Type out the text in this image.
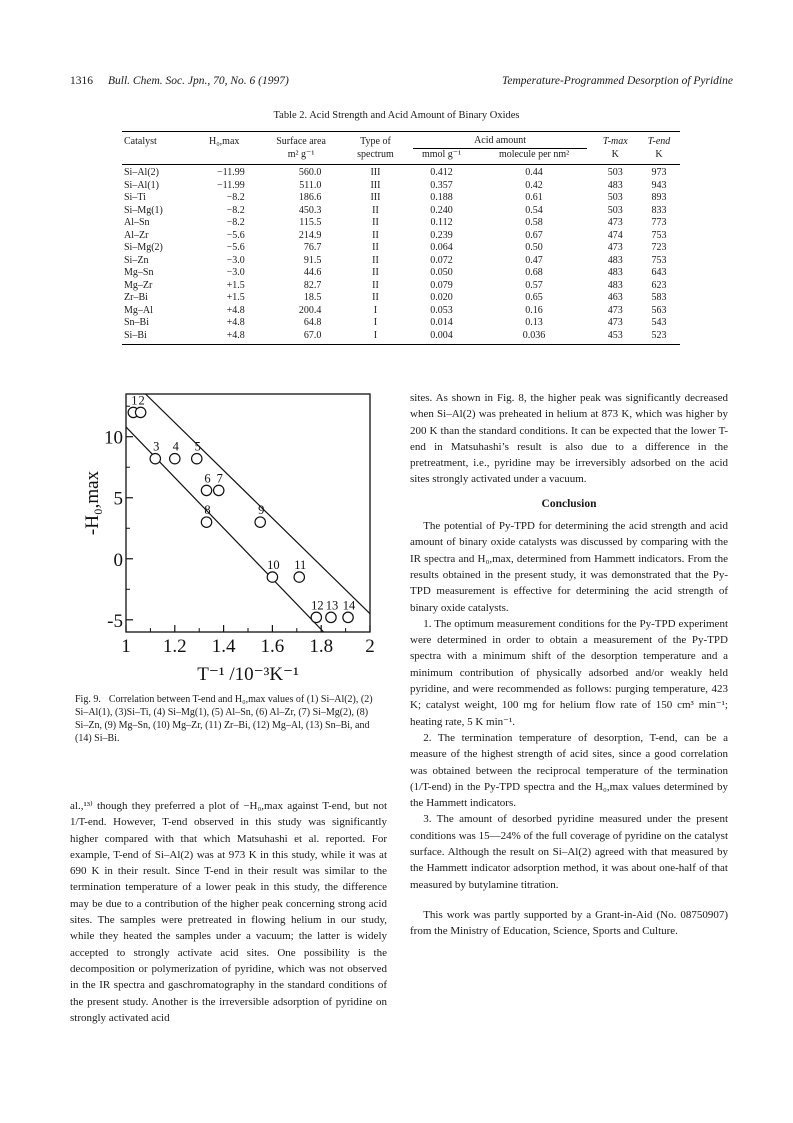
1316 Bull. Chem. Soc. Jpn., 70, No. 6 (1997)	Temperature-Programmed Desorption of Pyridine
Table 2. Acid Strength and Acid Amount of Binary Oxides
Catalyst	H₀,max	Surface area	Type of	Acid amount		T-max	T-end
		m² g⁻¹	spectrum	mmol g⁻¹	molecule per nm²	K	K
Si–Al(2)	−11.99	560.0	III	0.412	0.44	503	973
Si–Al(1)	−11.99	511.0	III	0.357	0.42	483	943
Si–Ti	−8.2	186.6	III	0.188	0.61	503	893
Si–Mg(1)	−8.2	450.3	II	0.240	0.54	503	833
Al–Sn	−8.2	115.5	II	0.112	0.58	473	773
Al–Zr	−5.6	214.9	II	0.239	0.67	474	753
Si–Mg(2)	−5.6	76.7	II	0.064	0.50	473	723
Si–Zn	−3.0	91.5	II	0.072	0.47	483	753
Mg–Sn	−3.0	44.6	II	0.050	0.68	483	643
Mg–Zr	+1.5	82.7	II	0.079	0.57	483	623
Zr–Bi	+1.5	18.5	II	0.020	0.65	463	583
Mg–Al	+4.8	200.4	I	0.053	0.16	473	563
Sn–Bi	+4.8	64.8	I	0.014	0.13	473	543
Si–Bi	+4.8	67.0	I	0.004	0.036	453	523
1 1.2 1.4 1.6 1.8 2
10
5
0
-5
1 2
3 4 5
6 7
8	9
10 11
12 13 14
T⁻¹ /10⁻³K⁻¹
-H₀,max
Fig. 9. Correlation between T-end and H₀,max values of (1) Si–Al(2), (2) Si–Al(1), (3)Si–Ti, (4) Si–Mg(1), (5) Al–Sn, (6) Al–Zr, (7) Si–Mg(2), (8) Si–Zn, (9) Mg–Sn, (10) Mg–Zr, (11) Zr–Bi, (12) Mg–Al, (13) Sn–Bi, and (14) Si–Bi.

al.,¹³⁾ though they preferred a plot of −H₀,max against T-end, but not 1/T-end. However, T-end observed in this study was significantly higher compared with that which Matsuhashi et al. reported. For example, T-end of Si–Al(2) was at 973 K in this study, while it was at 690 K in their result. Since T-end in their result was similar to the termination temperature of a lower peak in this study, the difference may be due to a contribution of the higher peak concerning strong acid sites. The samples were pretreated in flowing helium in our study, while they heated the samples under a vacuum; the latter is widely accepted to strongly activate acid sites. One possibility is the decomposition or polymerization of pyridine, which was not observed in the IR spectra and gaschromatography in the standard conditions of the present study. Another is the irreversible adsorption of pyridine on strongly activated acid

sites. As shown in Fig. 8, the higher peak was significantly decreased when Si–Al(2) was preheated in helium at 873 K, which was higher by 200 K than the standard conditions. It can be expected that the lower T-end in Matsuhashi’s result is also due to a difference in the pretreatment, i.e., pyridine may be irreversibly adsorbed on the acid sites strongly activated under a vacuum.

Conclusion

The potential of Py-TPD for determining the acid strength and acid amount of binary oxide catalysts was discussed by comparing with the IR spectra and H₀,max, determined from Hammett indicators. From the results obtained in the present study, it was demonstrated that the Py-TPD measurement is effective for determining the acid strength of binary oxide catalysts.

1. The optimum measurement conditions for the Py-TPD experiment were determined in order to obtain a measurement of the Py-TPD spectra with a minimum shift of the desorption temperature and a minimum contribution of physically adsorbed and/or weakly held pyridine, and were recommended as follows: purging temperature, 423 K; catalyst weight, 100 mg for helium flow rate of 150 cm³ min⁻¹; heating rate, 5 K min⁻¹.

2. The termination temperature of desorption, T-end, can be a measure of the highest strength of acid sites, since a good correlation was obtained between the reciprocal temperature of the termination (1/T-end) in the Py-TPD spectra and the H₀,max values determined by the Hammett indicators.

3. The amount of desorbed pyridine measured under the present conditions was 15—24% of the full coverage of pyridine on the catalyst surface. Although the result on Si–Al(2) agreed with that measured by the Hammett indicator adsorption method, it was about one-half of that measured by butylamine titration.

This work was partly supported by a Grant-in-Aid (No. 08750907) from the Ministry of Education, Science, Sports and Culture.
